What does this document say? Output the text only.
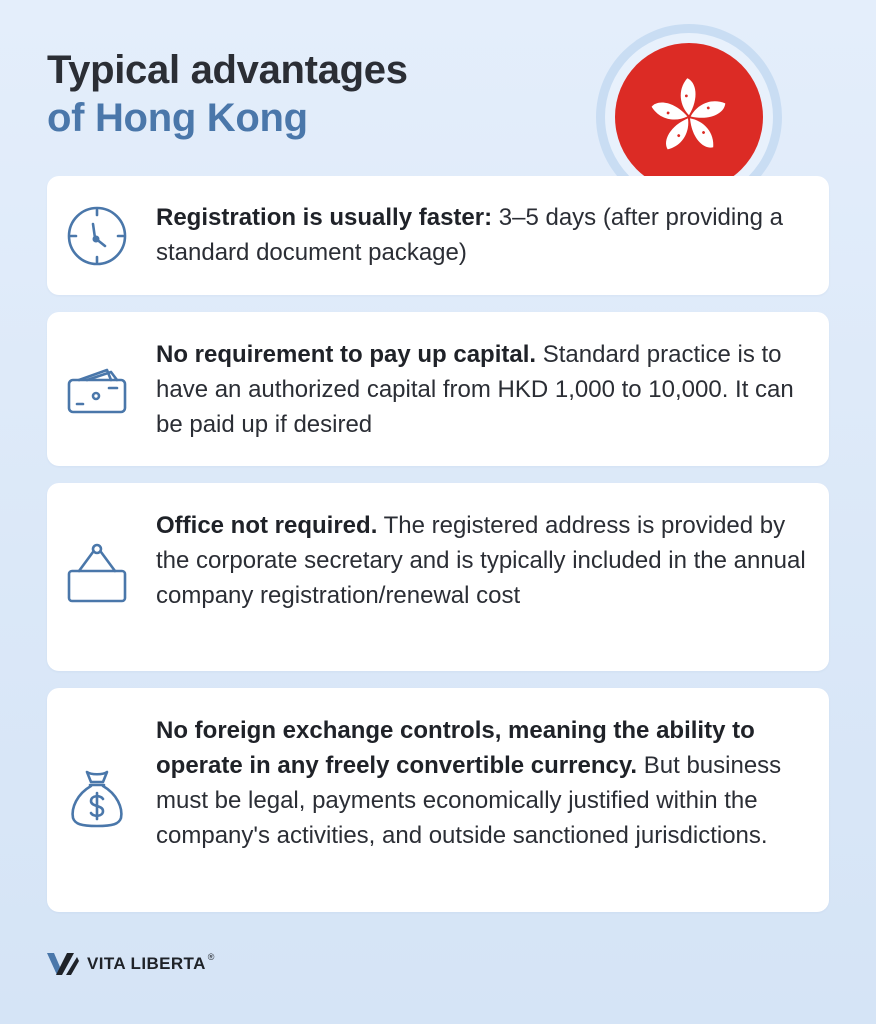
Typical advantages
of Hong Kong

Registration is usually faster: 3–5 days (after providing a standard document package)

No requirement to pay up capital. Standard practice is to have an authorized capital from HKD 1,000 to 10,000. It can be paid up if desired

Office not required. The registered address is provided by the corporate secretary and is typically included in the annual company registration/renewal cost

No foreign exchange controls, meaning the ability to operate in any freely convertible currency. But business must be legal, payments economically justified within the company's activities, and outside sanctioned jurisdictions.

VITA LIBERTA ®
